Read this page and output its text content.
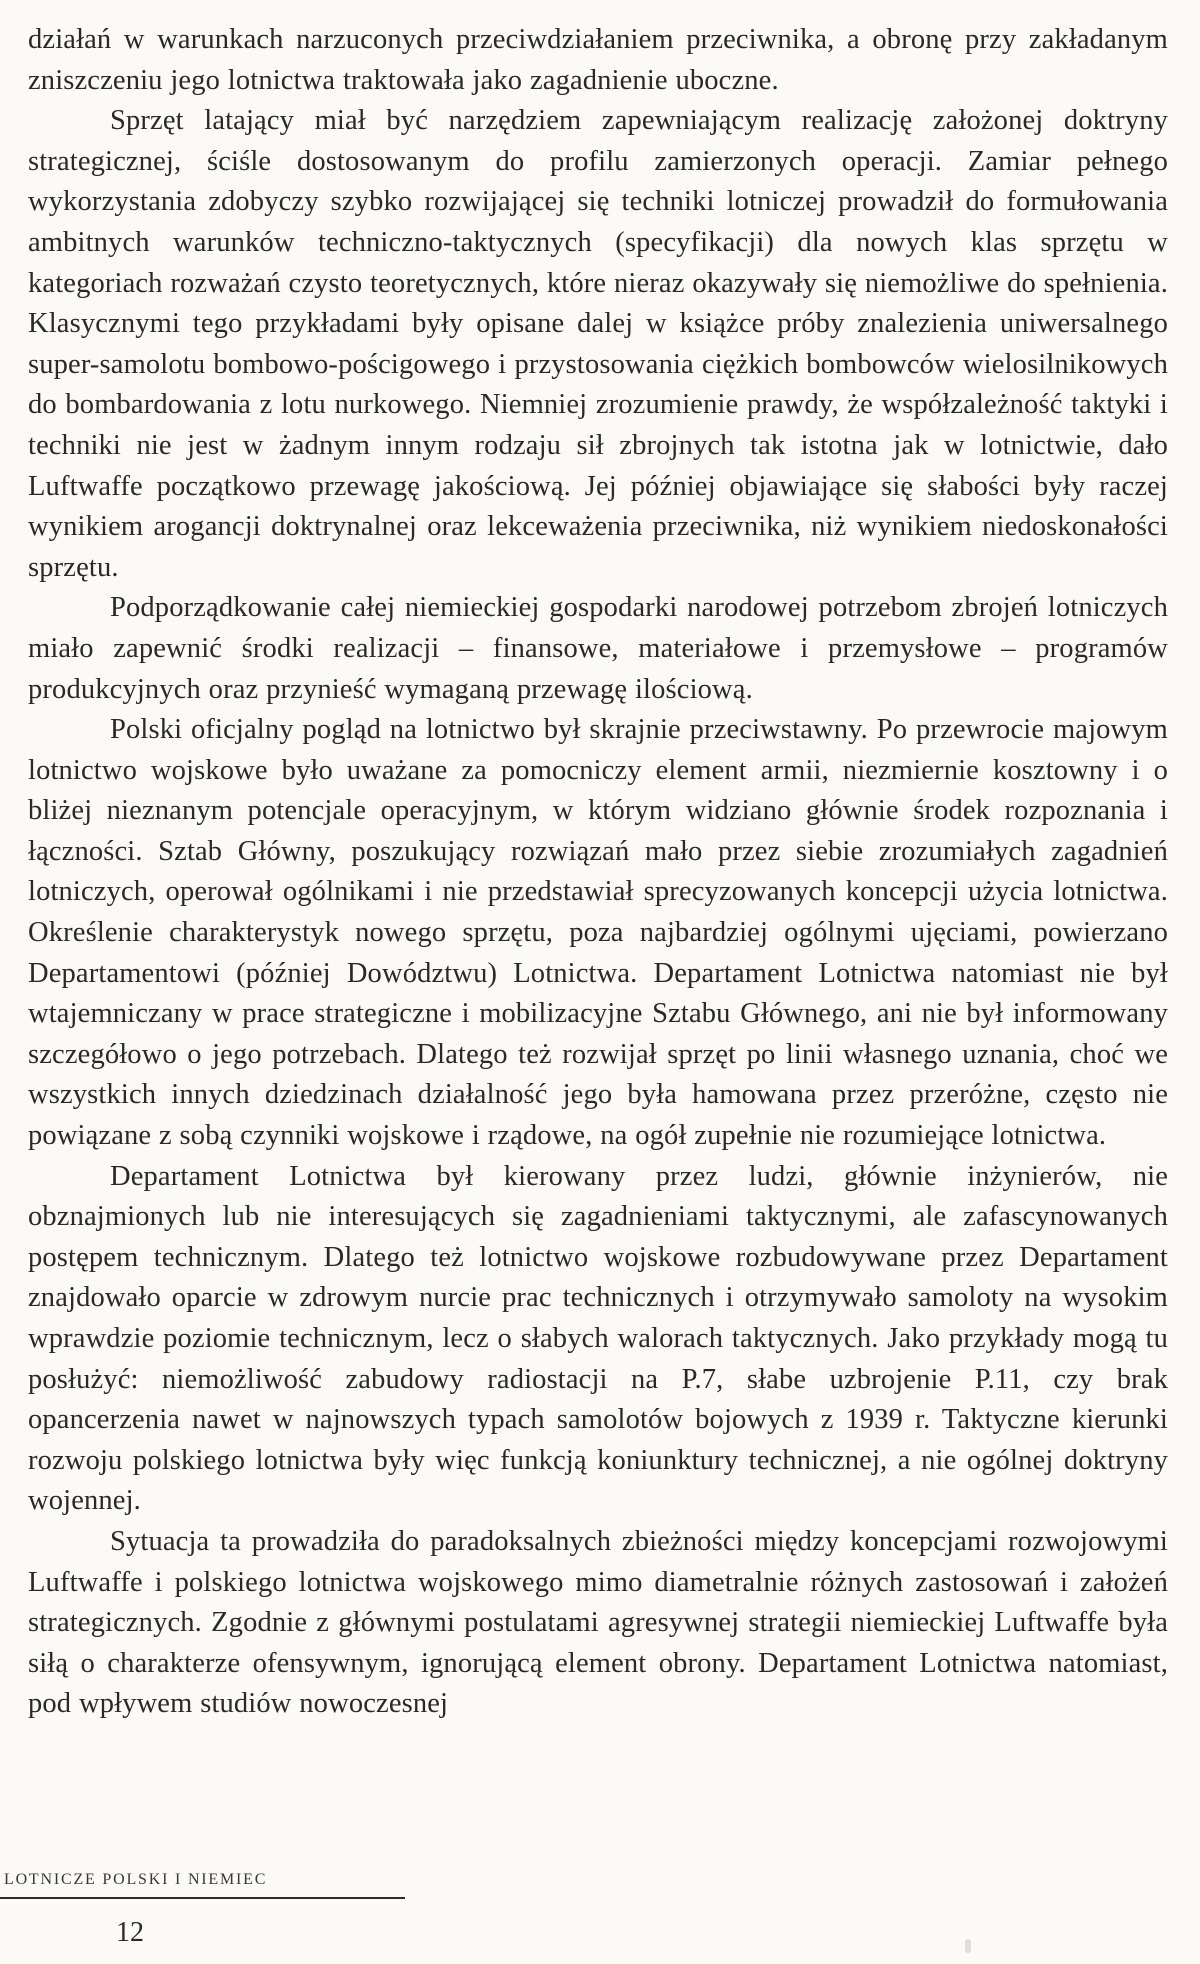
działań w warunkach narzuconych przeciwdziałaniem przeciwnika, a obronę przy zakładanym zniszczeniu jego lotnictwa traktowała jako zagadnienie uboczne.

Sprzęt latający miał być narzędziem zapewniającym realizację założonej doktryny strategicznej, ściśle dostosowanym do profilu zamierzonych operacji. Zamiar pełnego wykorzystania zdobyczy szybko rozwijającej się techniki lotniczej prowadził do formułowania ambitnych warunków techniczno-taktycznych (specyfikacji) dla nowych klas sprzętu w kategoriach rozważań czysto teoretycznych, które nieraz okazywały się niemożliwe do spełnienia. Klasycznymi tego przykładami były opisane dalej w książce próby znalezienia uniwersalnego super-samolotu bombowo-pościgowego i przystosowania ciężkich bombowców wielosilnikowych do bombardowania z lotu nurkowego. Niemniej zrozumienie prawdy, że współzależność taktyki i techniki nie jest w żadnym innym rodzaju sił zbrojnych tak istotna jak w lotnictwie, dało Luftwaffe początkowo przewagę jakościową. Jej później objawiające się słabości były raczej wynikiem arogancji doktrynalnej oraz lekceważenia przeciwnika, niż wynikiem niedoskonałości sprzętu.

Podporządkowanie całej niemieckiej gospodarki narodowej potrzebom zbrojeń lotniczych miało zapewnić środki realizacji – finansowe, materiałowe i przemysłowe – programów produkcyjnych oraz przynieść wymaganą przewagę ilościową.

Polski oficjalny pogląd na lotnictwo był skrajnie przeciwstawny. Po przewrocie majowym lotnictwo wojskowe było uważane za pomocniczy element armii, niezmiernie kosztowny i o bliżej nieznanym potencjale operacyjnym, w którym widziano głównie środek rozpoznania i łączności. Sztab Główny, poszukujący rozwiązań mało przez siebie zrozumiałych zagadnień lotniczych, operował ogólnikami i nie przedstawiał sprecyzowanych koncepcji użycia lotnictwa. Określenie charakterystyk nowego sprzętu, poza najbardziej ogólnymi ujęciami, powierzano Departamentowi (później Dowództwu) Lotnictwa. Departament Lotnictwa natomiast nie był wtajemniczany w prace strategiczne i mobilizacyjne Sztabu Głównego, ani nie był informowany szczegółowo o jego potrzebach. Dlatego też rozwijał sprzęt po linii własnego uznania, choć we wszystkich innych dziedzinach działalność jego była hamowana przez przeróżne, często nie powiązane z sobą czynniki wojskowe i rządowe, na ogół zupełnie nie rozumiejące lotnictwa.

Departament Lotnictwa był kierowany przez ludzi, głównie inżynierów, nie obznajmionych lub nie interesujących się zagadnieniami taktycznymi, ale zafascynowanych postępem technicznym. Dlatego też lotnictwo wojskowe rozbudowywane przez Departament znajdowało oparcie w zdrowym nurcie prac technicznych i otrzymywało samoloty na wysokim wprawdzie poziomie technicznym, lecz o słabych walorach taktycznych. Jako przykłady mogą tu posłużyć: niemożliwość zabudowy radiostacji na P.7, słabe uzbrojenie P.11, czy brak opancerzenia nawet w najnowszych typach samolotów bojowych z 1939 r. Taktyczne kierunki rozwoju polskiego lotnictwa były więc funkcją koniunktury technicznej, a nie ogólnej doktryny wojennej.

Sytuacja ta prowadziła do paradoksalnych zbieżności między koncepcjami rozwojowymi Luftwaffe i polskiego lotnictwa wojskowego mimo diametralnie różnych zastosowań i założeń strategicznych. Zgodnie z głównymi postulatami agresywnej strategii niemieckiej Luftwaffe była siłą o charakterze ofensywnym, ignorującą element obrony. Departament Lotnictwa natomiast, pod wpływem studiów nowoczesnej

LOTNICZE POLSKI I NIEMIEC
12
